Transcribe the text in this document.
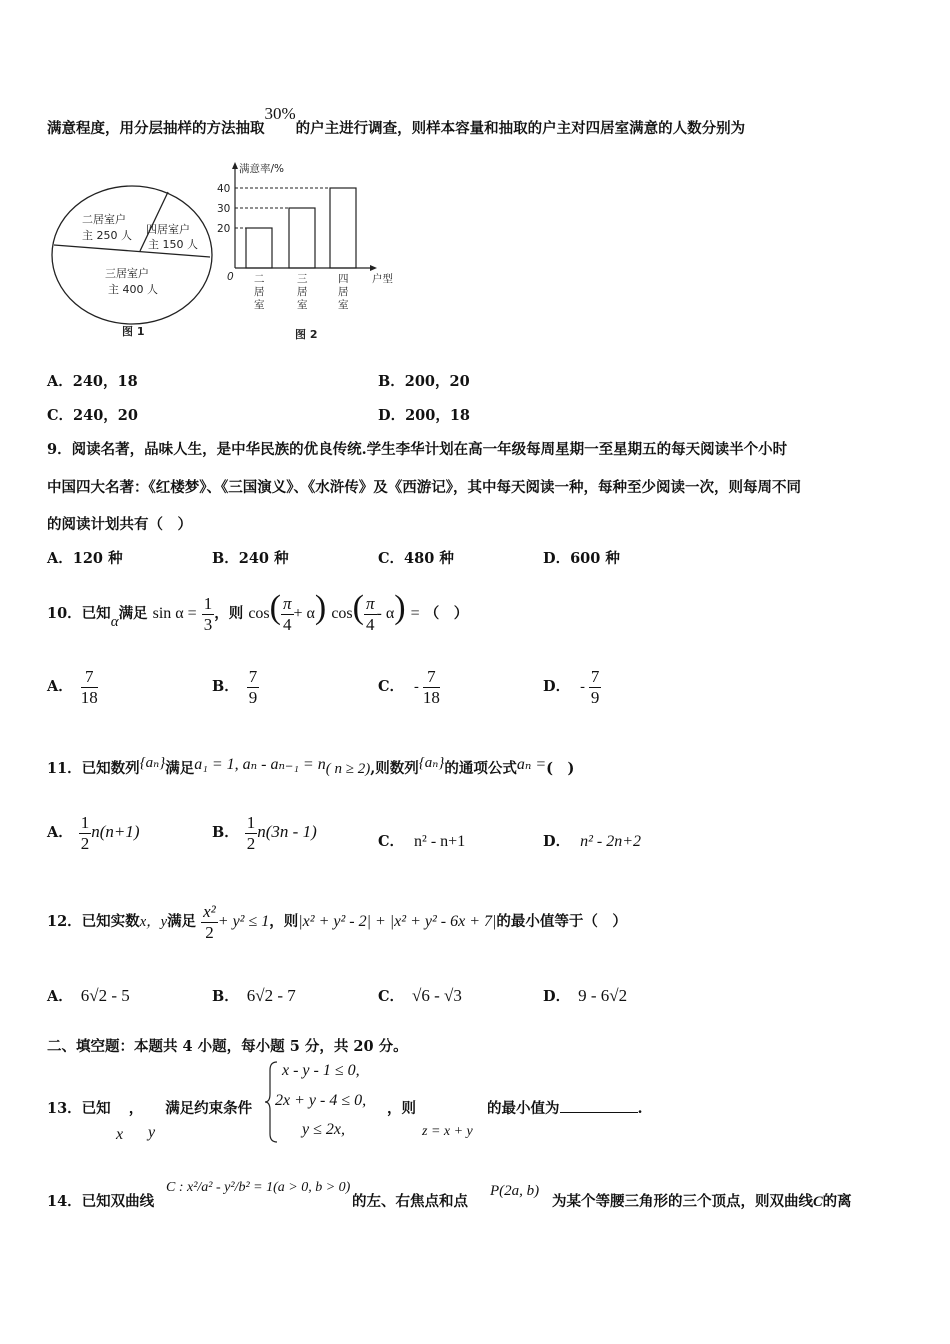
满意程度，用分层抽样的方法抽取30%的户主进行调查，则样本容量和抽取的户主对四居室满意的人数分别为
二居室户
主 250 人 四居室户
主 150 人
三居室户
主 400 人
图 1
满意率/%
户型
0
20
二
居
室
30
三
居
室
40
四
居
室
图 2
A．240，18	B．200，20
C．240，20	D．200，18
9．阅读名著，品味人生，是中华民族的优良传统.学生李华计划在高一年级每周星期一至星期五的每天阅读半个小时
中国四大名著：《红楼梦》、《三国演义》、《水浒传》及《西游记》，其中每天阅读一种，每种至少阅读一次，则每周不同
的阅读计划共有（　）
A．120 种	B．240 种	C．480 种	D．600 种
10．已知α满足 $\sin \alpha = \frac{1}{3}$ ，则 $\cos( \frac{\pi}{4} + \alpha)$ $\cos( \frac{\pi}{4} - \alpha)$ = （　）
A． $\frac{7}{18}$	B． $\frac{7}{9}$	C． - $\frac{7}{18}$	D． - $\frac{7}{9}$
11．已知数列{aₙ}满足a₁ = 1, aₙ - aₙ₋₁ = n( n ≥ 2),则数列{aₙ}的通项公式aₙ =(　)
A． $\frac{1}{2} n(n+1)$	B． $\frac{1}{2} n(3n - 1)$
C． n² - n+1	D． n² - 2n+2
12．已知实数x，y满足 $\frac{\text{x²}}{2} + y^2 \le 1$，则|x² + y² - 2| + |x² + y² - 6x + 7|的最小值等于（　）
A． 6√2 - 5	B． 6√2 - 7	C． √6 - √3	D． 9 - 6√2
二、填空题：本题共 4 小题，每小题 5 分，共 20 分。
13．已知 ， 满足约束条件
x y
x - y - 1 ≤ 0,
2x + y - 4 ≤ 0,
y ≤ 2x,
，则
z = x + y
的最小值为	.
14．已知双曲线
C : x²/a² - y²/b² = 1(a > 0, b > 0)
的左、右焦点和点
P(2a, b)
为某个等腰三角形的三个顶点，则双曲线C的离
